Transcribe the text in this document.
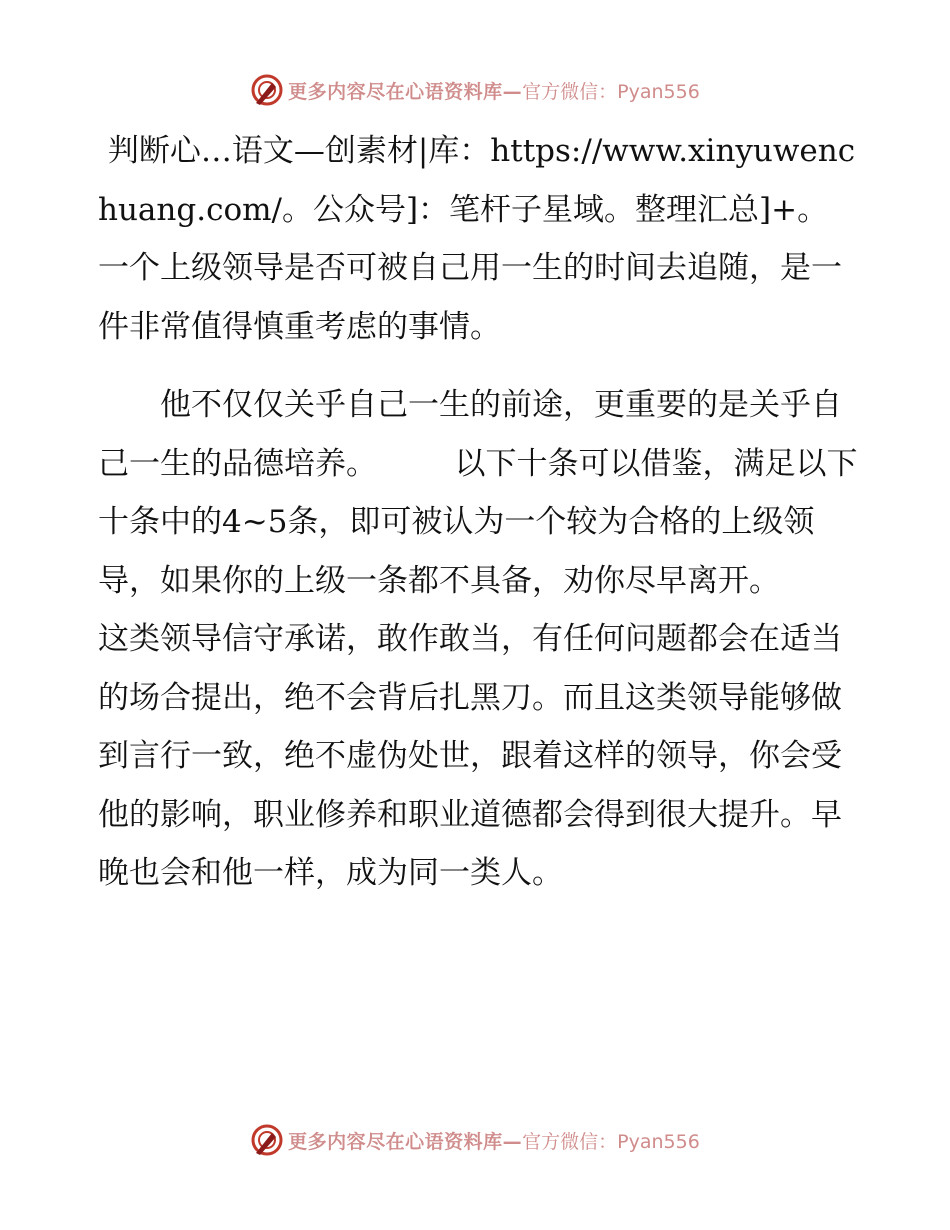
更多内容尽在心语资料库— 官方微信：Pyan556

判断心…语文—创素材|库：https://www.xinyuwenchuang.com/。公众号]：笔杆子星域。整理汇总]+。一个上级领导是否可被自己用一生的时间去追随，是一件非常值得慎重考虑的事情。

　　他不仅仅关乎自己一生的前途，更重要的是关乎自己一生的品德培养。　　　以下十条可以借鉴，满足以下十条中的4~5条，即可被认为一个较为合格的上级领导，如果你的上级一条都不具备，劝你尽早离开。　　　这类领导信守承诺，敢作敢当，有任何问题都会在适当的场合提出，绝不会背后扎黑刀。而且这类领导能够做到言行一致，绝不虚伪处世，跟着这样的领导，你会受他的影响，职业修养和职业道德都会得到很大提升。早晚也会和他一样，成为同一类人。

更多内容尽在心语资料库— 官方微信：Pyan556
